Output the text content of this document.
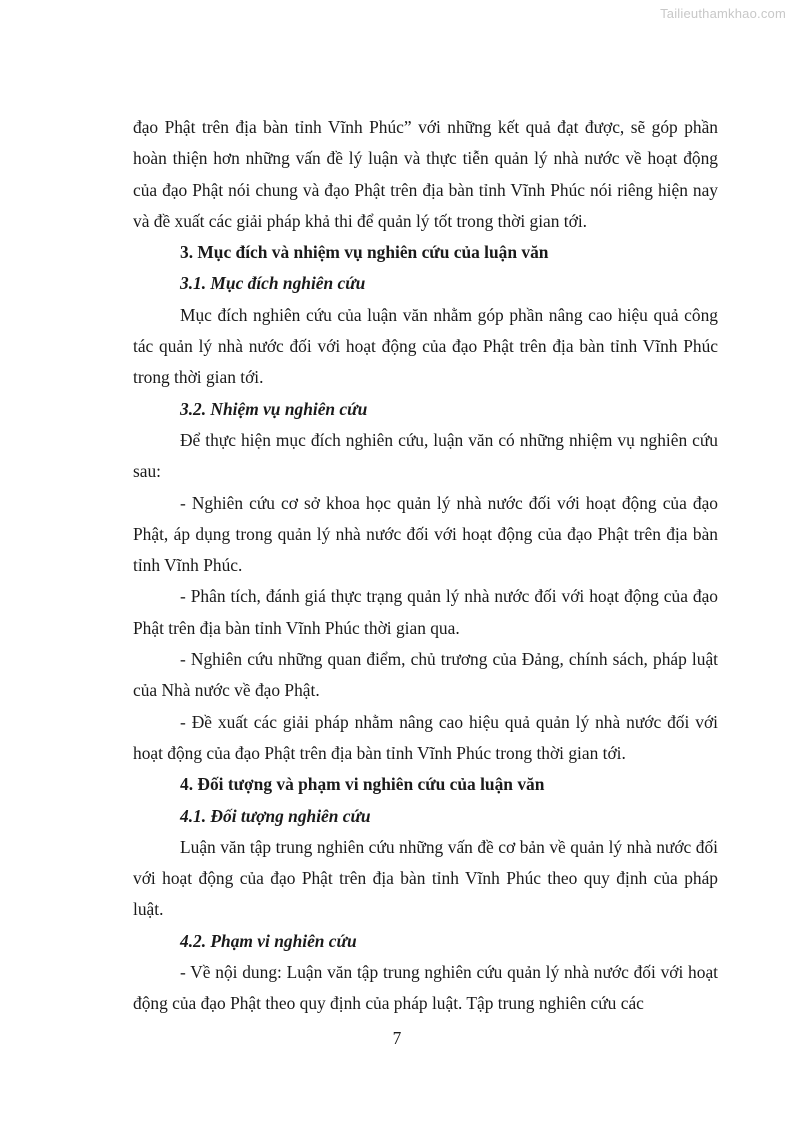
Tailieuthamkhao.com

đạo Phật trên địa bàn tỉnh Vĩnh Phúc” với những kết quả đạt được, sẽ góp phần hoàn thiện hơn những vấn đề lý luận và thực tiễn quản lý nhà nước về hoạt động của đạo Phật nói chung và đạo Phật trên địa bàn tỉnh Vĩnh Phúc nói riêng hiện nay và đề xuất các giải pháp khả thi để quản lý tốt trong thời gian tới.

3. Mục đích và nhiệm vụ nghiên cứu của luận văn

3.1. Mục đích nghiên cứu

Mục đích nghiên cứu của luận văn nhằm góp phần nâng cao hiệu quả công tác quản lý nhà nước đối với hoạt động của đạo Phật trên địa bàn tỉnh Vĩnh Phúc trong thời gian tới.

3.2. Nhiệm vụ nghiên cứu

Để thực hiện mục đích nghiên cứu, luận văn có những nhiệm vụ nghiên cứu sau:

- Nghiên cứu cơ sở khoa học quản lý nhà nước đối với hoạt động của đạo Phật, áp dụng trong quản lý nhà nước đối với hoạt động của đạo Phật trên địa bàn tỉnh Vĩnh Phúc.

- Phân tích, đánh giá thực trạng quản lý nhà nước đối với hoạt động của đạo Phật trên địa bàn tỉnh Vĩnh Phúc thời gian qua.

- Nghiên cứu những quan điểm, chủ trương của Đảng, chính sách, pháp luật của Nhà nước về đạo Phật.

- Đề xuất các giải pháp nhằm nâng cao hiệu quả quản lý nhà nước đối với hoạt động của đạo Phật trên địa bàn tỉnh Vĩnh Phúc trong thời gian tới.

4. Đối tượng và phạm vi nghiên cứu của luận văn

4.1. Đối tượng nghiên cứu

Luận văn tập trung nghiên cứu những vấn đề cơ bản về quản lý nhà nước đối với hoạt động của đạo Phật trên địa bàn tỉnh Vĩnh Phúc theo quy định của pháp luật.

4.2. Phạm vi nghiên cứu

- Về nội dung: Luận văn tập trung nghiên cứu quản lý nhà nước đối với hoạt động của đạo Phật theo quy định của pháp luật. Tập trung nghiên cứu các

7
